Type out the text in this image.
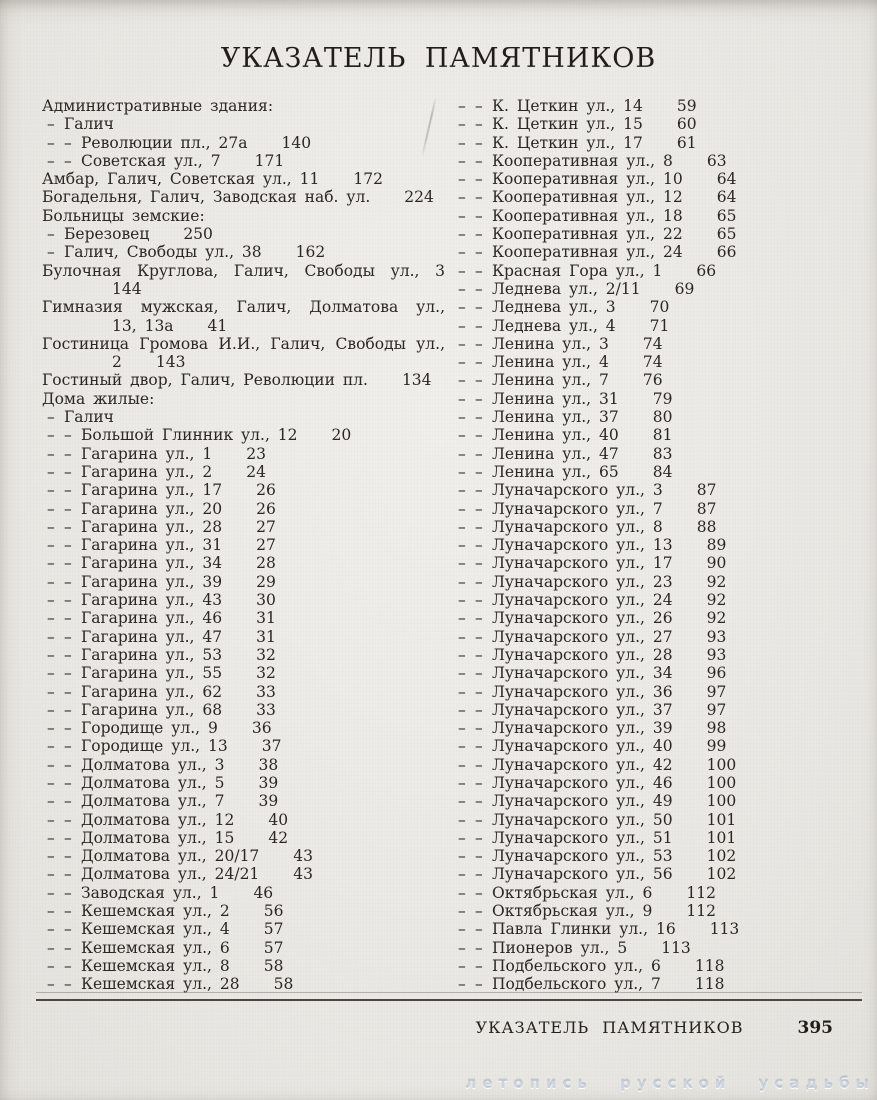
УКАЗАТЕЛЬ ПАМЯТНИКОВ
Административные здания:
– Галич
– – Революции пл., 27а 140
– – Советская ул., 7 171
Амбар, Галич, Советская ул., 11 172
Богадельня, Галич, Заводская наб. ул. 224
Больницы земские:
– Березовец 250
– Галич, Свободы ул., 38 162
Булочная Круглова, Галич, Свободы ул., 3
144
Гимназия мужская, Галич, Долматова ул.,
13, 13а 41
Гостиница Громова И.И., Галич, Свободы ул.,
2 143
Гостиный двор, Галич, Революции пл. 134
Дома жилые:
– Галич
– – Большой Глинник ул., 12 20
– – Гагарина ул., 1 23
– – Гагарина ул., 2 24
– – Гагарина ул., 17 26
– – Гагарина ул., 20 26
– – Гагарина ул., 28 27
– – Гагарина ул., 31 27
– – Гагарина ул., 34 28
– – Гагарина ул., 39 29
– – Гагарина ул., 43 30
– – Гагарина ул., 46 31
– – Гагарина ул., 47 31
– – Гагарина ул., 53 32
– – Гагарина ул., 55 32
– – Гагарина ул., 62 33
– – Гагарина ул., 68 33
– – Городище ул., 9 36
– – Городище ул., 13 37
– – Долматова ул., 3 38
– – Долматова ул., 5 39
– – Долматова ул., 7 39
– – Долматова ул., 12 40
– – Долматова ул., 15 42
– – Долматова ул., 20/17 43
– – Долматова ул., 24/21 43
– – Заводская ул., 1 46
– – Кешемская ул., 2 56
– – Кешемская ул., 4 57
– – Кешемская ул., 6 57
– – Кешемская ул., 8 58
– – Кешемская ул., 28 58
– – К. Цеткин ул., 14 59
– – К. Цеткин ул., 15 60
– – К. Цеткин ул., 17 61
– – Кооперативная ул., 8 63
– – Кооперативная ул., 10 64
– – Кооперативная ул., 12 64
– – Кооперативная ул., 18 65
– – Кооперативная ул., 22 65
– – Кооперативная ул., 24 66
– – Красная Гора ул., 1 66
– – Леднева ул., 2/11 69
– – Леднева ул., 3 70
– – Леднева ул., 4 71
– – Ленина ул., 3 74
– – Ленина ул., 4 74
– – Ленина ул., 7 76
– – Ленина ул., 31 79
– – Ленина ул., 37 80
– – Ленина ул., 40 81
– – Ленина ул., 47 83
– – Ленина ул., 65 84
– – Луначарского ул., 3 87
– – Луначарского ул., 7 87
– – Луначарского ул., 8 88
– – Луначарского ул., 13 89
– – Луначарского ул., 17 90
– – Луначарского ул., 23 92
– – Луначарского ул., 24 92
– – Луначарского ул., 26 92
– – Луначарского ул., 27 93
– – Луначарского ул., 28 93
– – Луначарского ул., 34 96
– – Луначарского ул., 36 97
– – Луначарского ул., 37 97
– – Луначарского ул., 39 98
– – Луначарского ул., 40 99
– – Луначарского ул., 42 100
– – Луначарского ул., 46 100
– – Луначарского ул., 49 100
– – Луначарского ул., 50 101
– – Луначарского ул., 51 101
– – Луначарского ул., 53 102
– – Луначарского ул., 56 102
– – Октябрьская ул., 6 112
– – Октябрьская ул., 9 112
– – Павла Глинки ул., 16 113
– – Пионеров ул., 5 113
– – Подбельского ул., 6 118
– – Подбельского ул., 7 118
УКАЗАТЕЛЬ ПАМЯТНИКОВ	395
летопись русской усадьбы
